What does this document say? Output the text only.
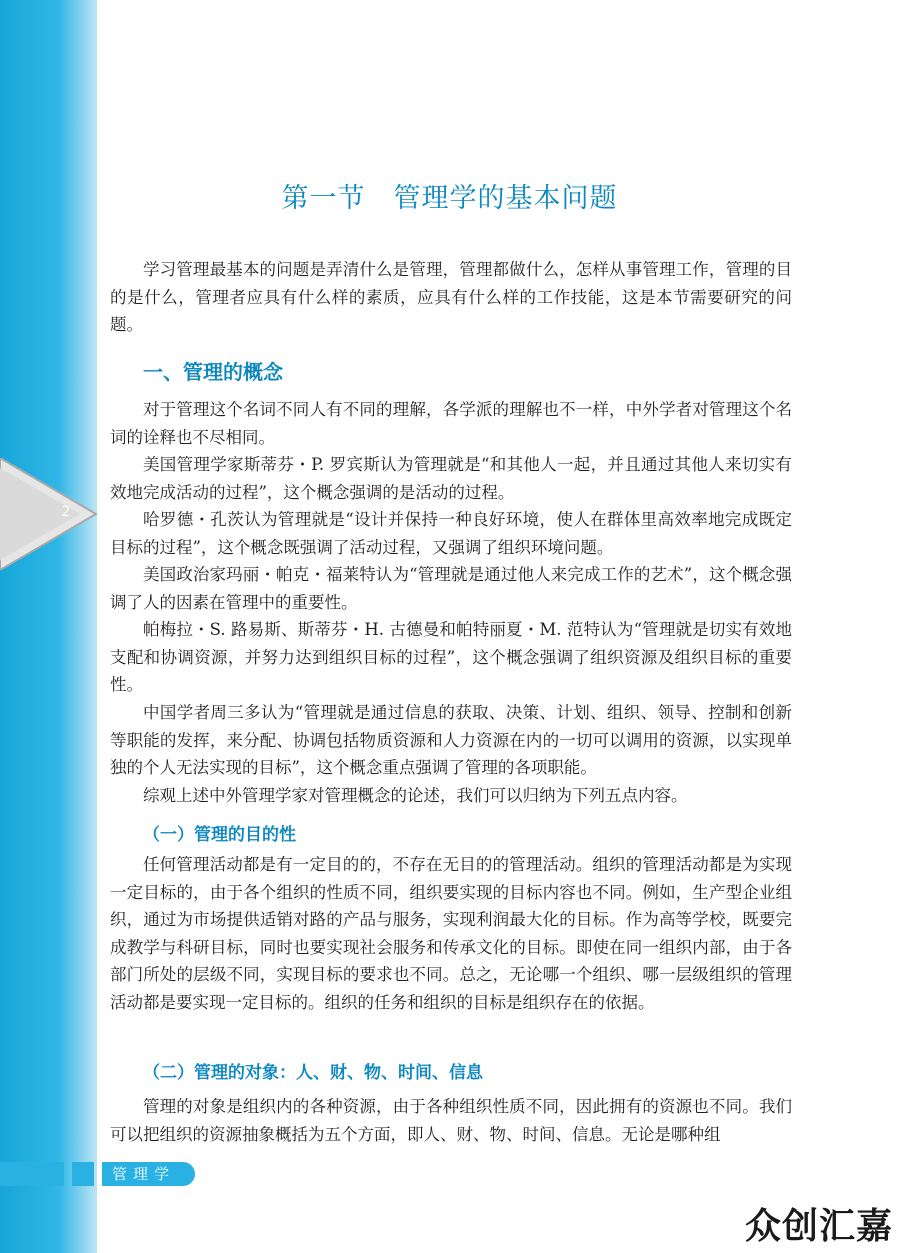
2
第一节　管理学的基本问题

学习管理最基本的问题是弄清什么是管理，管理都做什么，怎样从事管理工作，管理的目的是什么，管理者应具有什么样的素质，应具有什么样的工作技能，这是本节需要研究的问题。

一、管理的概念

对于管理这个名词不同人有不同的理解，各学派的理解也不一样，中外学者对管理这个名词的诠释也不尽相同。

美国管理学家斯蒂芬・P. 罗宾斯认为管理就是“和其他人一起，并且通过其他人来切实有效地完成活动的过程”，这个概念强调的是活动的过程。

哈罗德・孔茨认为管理就是“设计并保持一种良好环境，使人在群体里高效率地完成既定目标的过程”，这个概念既强调了活动过程，又强调了组织环境问题。

美国政治家玛丽・帕克・福莱特认为“管理就是通过他人来完成工作的艺术”，这个概念强调了人的因素在管理中的重要性。

帕梅拉・S. 路易斯、斯蒂芬・H. 古德曼和帕特丽夏・M. 范特认为“管理就是切实有效地支配和协调资源，并努力达到组织目标的过程”，这个概念强调了组织资源及组织目标的重要性。

中国学者周三多认为“管理就是通过信息的获取、决策、计划、组织、领导、控制和创新等职能的发挥，来分配、协调包括物质资源和人力资源在内的一切可以调用的资源，以实现单独的个人无法实现的目标”，这个概念重点强调了管理的各项职能。

综观上述中外管理学家对管理概念的论述，我们可以归纳为下列五点内容。

（一）管理的目的性

任何管理活动都是有一定目的的，不存在无目的的管理活动。组织的管理活动都是为实现一定目标的，由于各个组织的性质不同，组织要实现的目标内容也不同。例如，生产型企业组织，通过为市场提供适销对路的产品与服务，实现利润最大化的目标。作为高等学校，既要完成教学与科研目标，同时也要实现社会服务和传承文化的目标。即使在同一组织内部，由于各部门所处的层级不同，实现目标的要求也不同。总之，无论哪一个组织、哪一层级组织的管理活动都是要实现一定目标的。组织的任务和组织的目标是组织存在的依据。

（二）管理的对象：人、财、物、时间、信息

管理的对象是组织内的各种资源，由于各种组织性质不同，因此拥有的资源也不同。我们可以把组织的资源抽象概括为五个方面，即人、财、物、时间、信息。无论是哪种组

管理学
众创汇嘉
